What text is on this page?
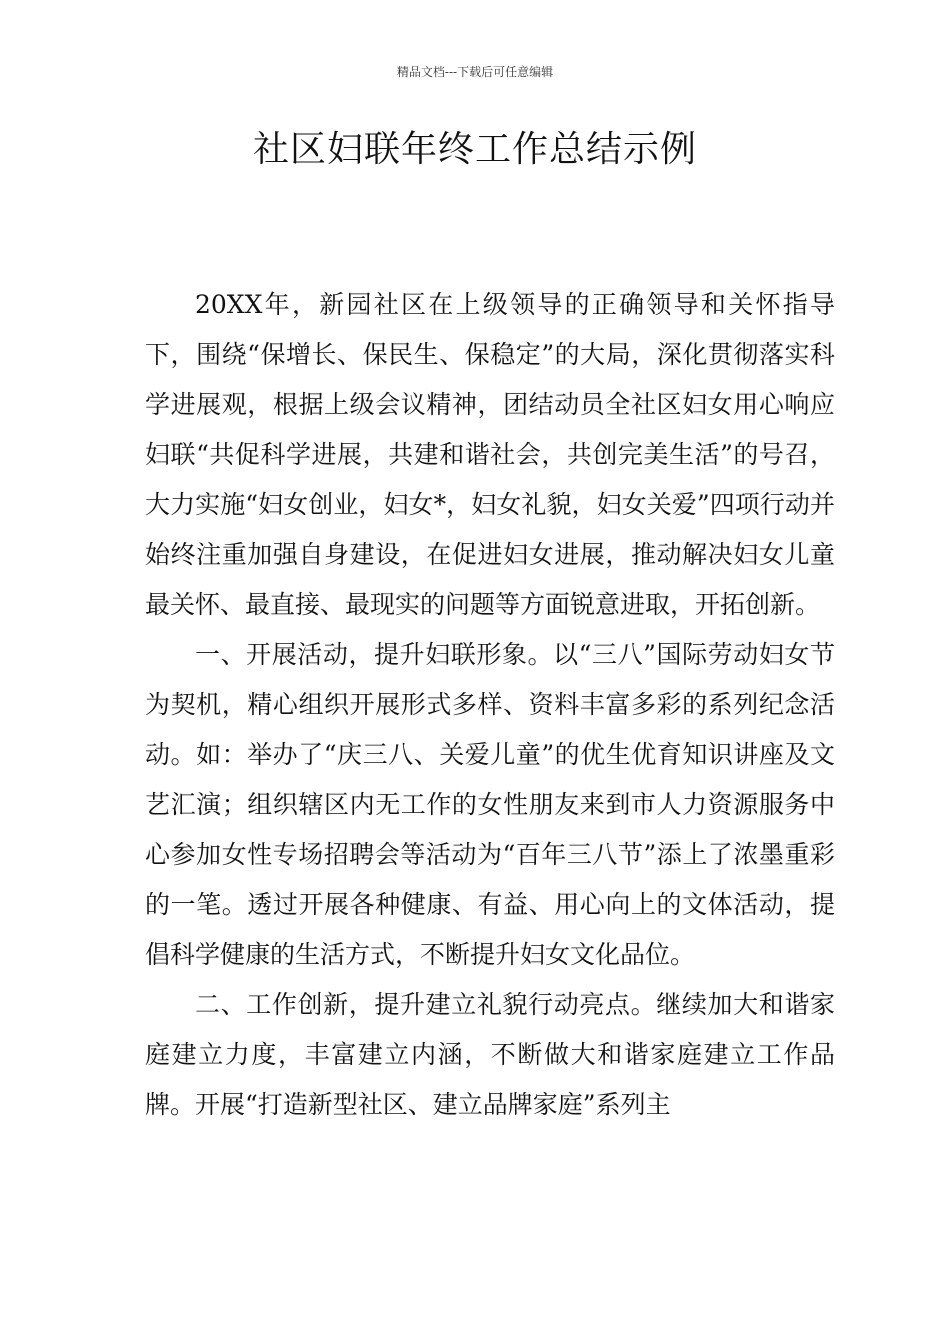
精品文档---下载后可任意编辑
社区妇联年终工作总结示例

20XX年，新园社区在上级领导的正确领导和关怀指导下，围绕“保增长、保民生、保稳定”的大局，深化贯彻落实科学进展观，根据上级会议精神，团结动员全社区妇女用心响应妇联“共促科学进展，共建和谐社会，共创完美生活”的号召，大力实施“妇女创业，妇女*，妇女礼貌，妇女关爱”四项行动并始终注重加强自身建设，在促进妇女进展，推动解决妇女儿童最关怀、最直接、最现实的问题等方面锐意进取，开拓创新。

一、开展活动，提升妇联形象。以“三八”国际劳动妇女节为契机，精心组织开展形式多样、资料丰富多彩的系列纪念活动。如：举办了“庆三八、关爱儿童”的优生优育知识讲座及文艺汇演；组织辖区内无工作的女性朋友来到市人力资源服务中心参加女性专场招聘会等活动为“百年三八节”添上了浓墨重彩的一笔。透过开展各种健康、有益、用心向上的文体活动，提倡科学健康的生活方式，不断提升妇女文化品位。

二、工作创新，提升建立礼貌行动亮点。继续加大和谐家庭建立力度，丰富建立内涵，不断做大和谐家庭建立工作品牌。开展“打造新型社区、建立品牌家庭”系列主
